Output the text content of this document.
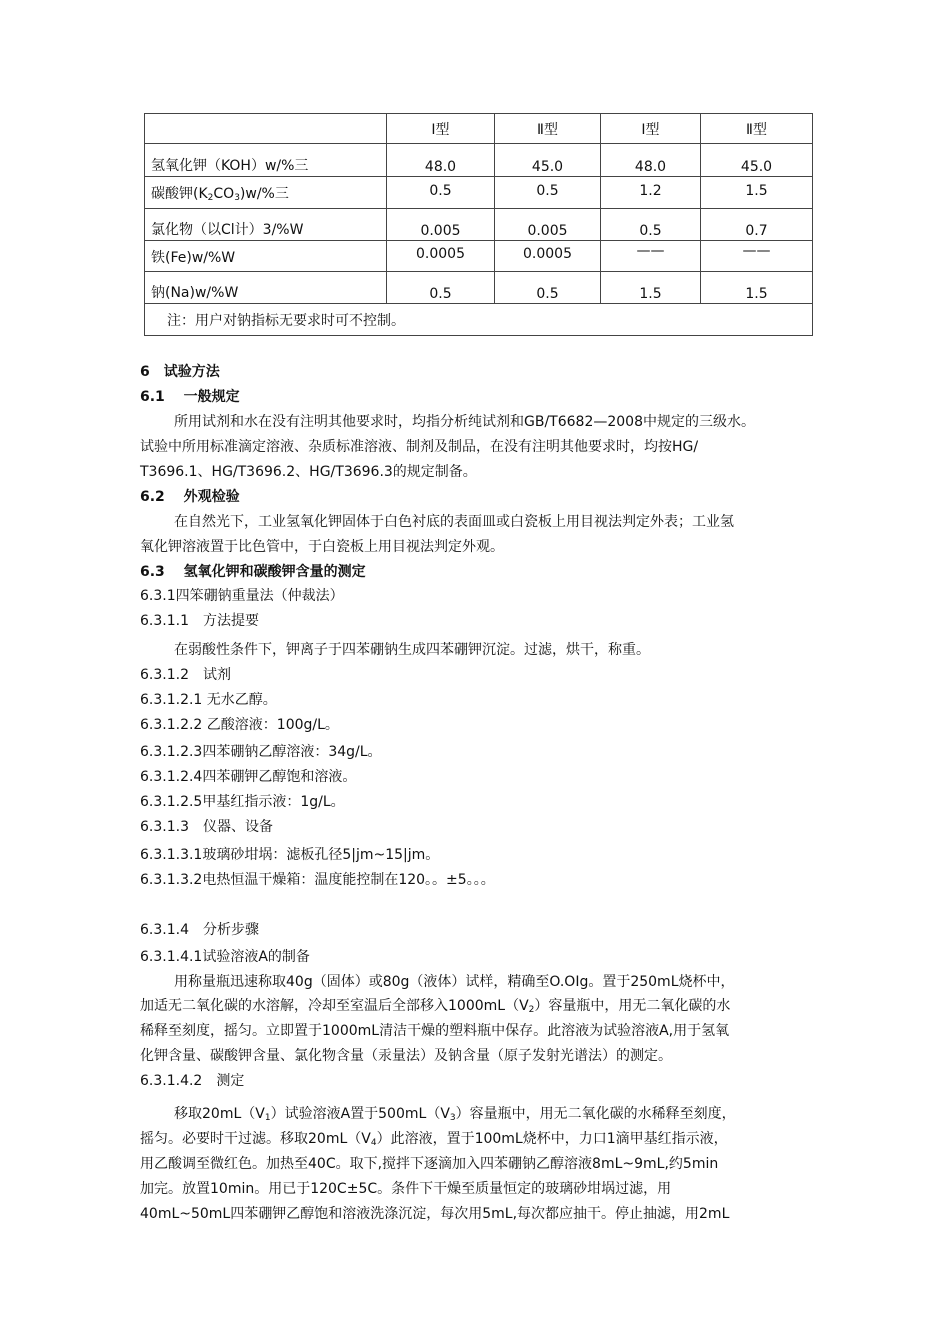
	Ⅰ型	Ⅱ型	Ⅰ型	Ⅱ型
氢氧化钾（KOH）w/%三	48.0	45.0	48.0	45.0
碳酸钾$(K_2CO_3)w/\%$三	0.5	0.5	1.2	1.5
氯化物（以Cl计）3/%W	0.005	0.005	0.5	0.7
铁(Fe)w/%W	0.0005	0.0005	——	——
钠(Na)w/%W	0.5	0.5	1.5	1.5
注：用户对钠指标无要求时可不控制。				
6　试验方法
6.1　 一般规定
所用试剂和水在没有注明其他要求时，均指分析纯试剂和GB/T6682—2008中规定的三级水。
试验中所用标准滴定溶液、杂质标准溶液、制剂及制品，在没有注明其他要求时，均按HG/
T3696.1、HG/T3696.2、HG/T3696.3的规定制备。
6.2　 外观检验
在自然光下，工业氢氧化钾固体于白色衬底的表面皿或白瓷板上用目视法判定外表；工业氢
氧化钾溶液置于比色管中，于白瓷板上用目视法判定外观。
6.3　 氢氧化钾和碳酸钾含量的测定
6.3.1四笨硼钠重量法（仲裁法）
6.3.1.1　方法提要
在弱酸性条件下，钾离子于四苯硼钠生成四苯硼钾沉淀。过滤，烘干，称重。
6.3.1.2　试剂
6.3.1.2.1 无水乙醇。
6.3.1.2.2 乙酸溶液：100g/L。
6.3.1.2.3四苯硼钠乙醇溶液：34g/L。
6.3.1.2.4四苯硼钾乙醇饱和溶液。
6.3.1.2.5甲基红指示液：1g/L。
6.3.1.3　仪器、设备
6.3.1.3.1玻璃砂坩埚：滤板孔径5|jm~15|jm。
6.3.1.3.2电热恒温干燥箱：温度能控制在120。。±5。。。
6.3.1.4　分析步骤
6.3.1.4.1试验溶液A的制备
用称量瓶迅速称取40g（固体）或80g（液体）试样，精确至O.OIg。置于250mL烧杯中，
加适无二氧化碳的水溶解，冷却至室温后全部移入$1000mL(V_2)$容量瓶中，用无二氧化碳的水
稀释至刻度，摇匀。立即置于1000mL清洁干燥的塑料瓶中保存。此溶液为试验溶液A,用于氢氧
化钾含量、碳酸钾含量、氯化物含量（汞量法）及钠含量（原子发射光谱法）的测定。
6.3.1.4.2　测定
移取$20mL(V_1)$试验溶液A置于$500mL(V_3)$容量瓶中，用无二氧化碳的水稀释至刻度，
摇匀。必要时干过滤。移取$20mL(V_4)$此溶液，置于100mL烧杯中，力口1滴甲基红指示液，
用乙酸调至微红色。加热至40C。取下,搅拌下逐滴加入四苯硼钠乙醇溶液8mL~9mL,约5min
加完。放置10min。用已于120C±5C。条件下干燥至质量恒定的玻璃砂坩埚过滤，用
40mL~50mL四苯硼钾乙醇饱和溶液洗涤沉淀，每次用5mL,每次都应抽干。停止抽滤，用2mL
